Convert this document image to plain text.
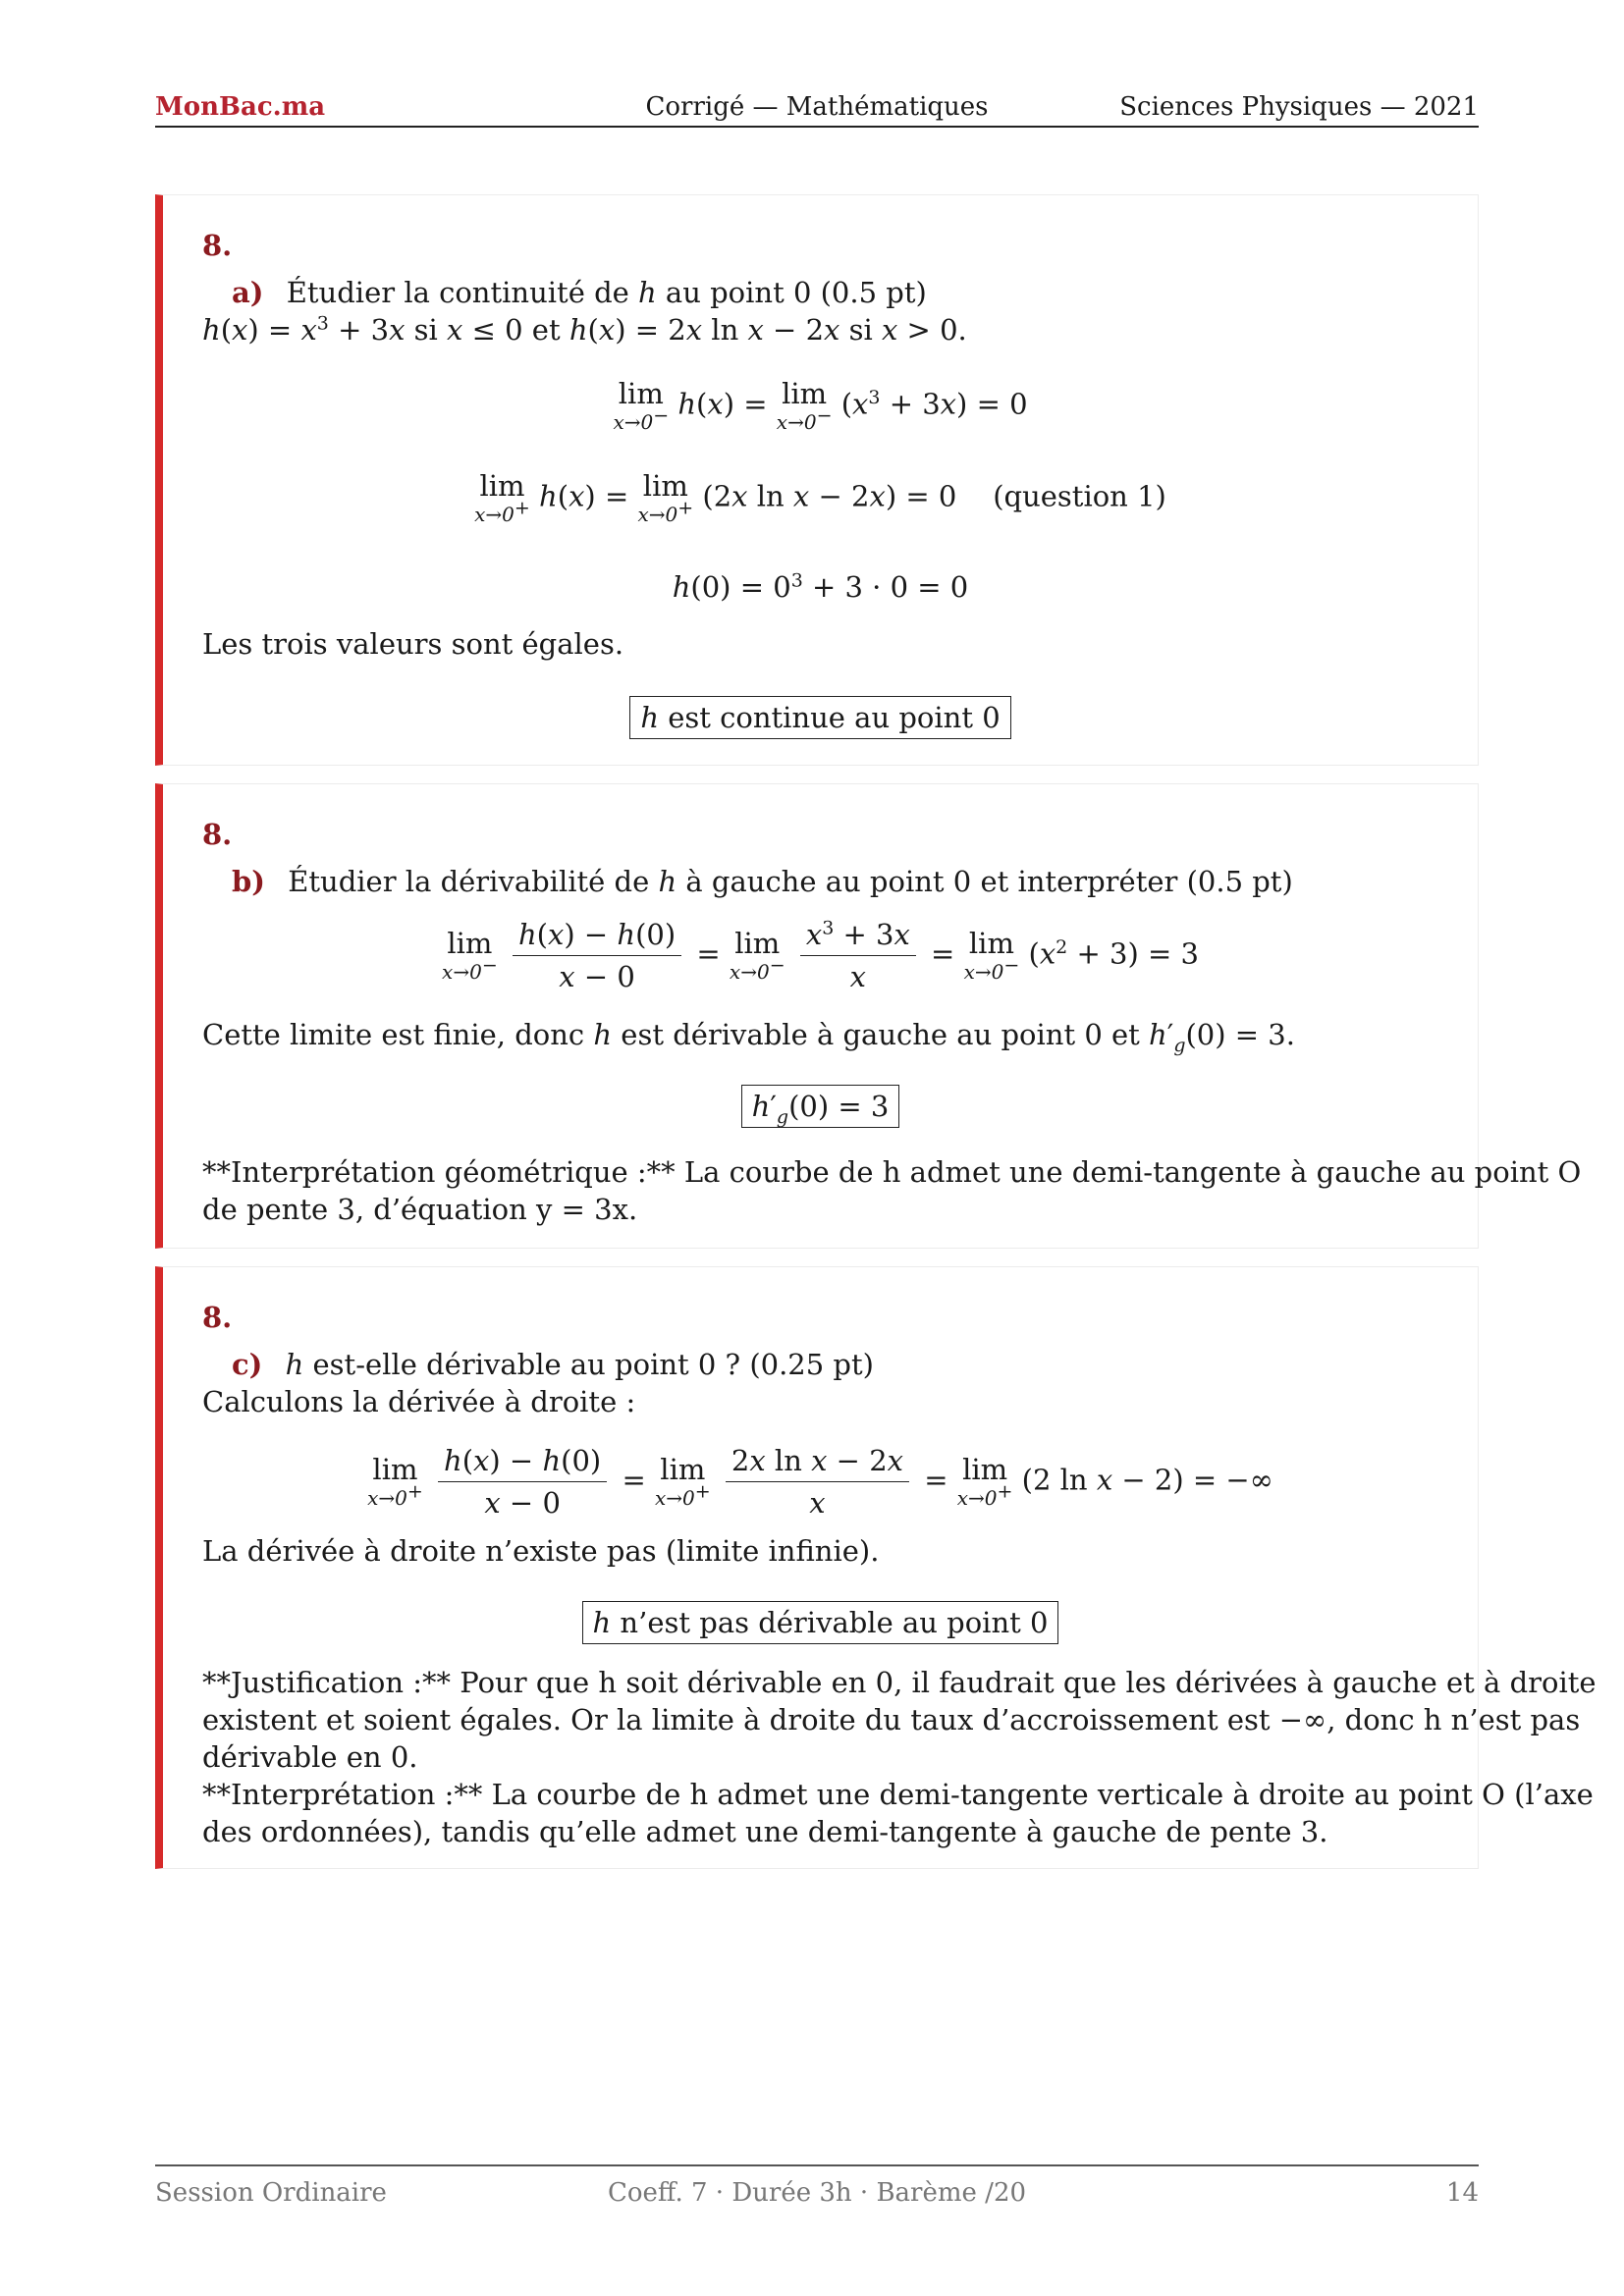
MonBac.ma	Corrigé — Mathématiques	Sciences Physiques — 2021
8.
a) Étudier la continuité de h au point 0 (0.5 pt)
$h(x) = x^3 + 3x$ si x ≤ 0 et h(x) = 2x ln x − 2x si x > 0.
lim
x→0− h(x) = lim
$x\to 0- (x^3 + 3x) = 0$
lim
x→0+ h(x) = lim
x→0+ (2x ln x − 2x) = 0    (question 1)
$h(0) = 0^3 + 3 \cdot 0 = 0$
Les trois valeurs sont égales.
h est continue au point 0
8.
b) Étudier la dérivabilité de h à gauche au point 0 et interpréter (0.5 pt)
lim
x→0−
$\frac{h(x) - h(0)}{x - 0} = \lim$
x→0−
$\frac{x^3 + 3x}{x} = \lim$
$x\to 0- (x^2 + 3) = 3$
Cette limite est finie, donc h est dérivable à gauche au point 0 et $h'_g(0) = 3$.
$h'_g(0) = 3$
**Interprétation géométrique :** La courbe de h admet une demi-tangente à gauche au point O
de pente 3, d’équation y = 3x.
8.
c) h est-elle dérivable au point 0 ? (0.25 pt)
Calculons la dérivée à droite :
lim
x→0+
$\frac{h(x) - h(0)}{x - 0} = \lim$
x→0+
$\frac{\text{2x ln x − 2x}}{x} = \lim$
x→0+ (2 ln x − 2) = −∞
La dérivée à droite n’existe pas (limite infinie).
h n’est pas dérivable au point 0
**Justification :** Pour que h soit dérivable en 0, il faudrait que les dérivées à gauche et à droite
existent et soient égales. Or la limite à droite du taux d’accroissement est −∞, donc h n’est pas
dérivable en 0.
**Interprétation :** La courbe de h admet une demi-tangente verticale à droite au point O (l’axe
des ordonnées), tandis qu’elle admet une demi-tangente à gauche de pente 3.
Session Ordinaire	Coeff. 7 · Durée 3h · Barème /20	14
